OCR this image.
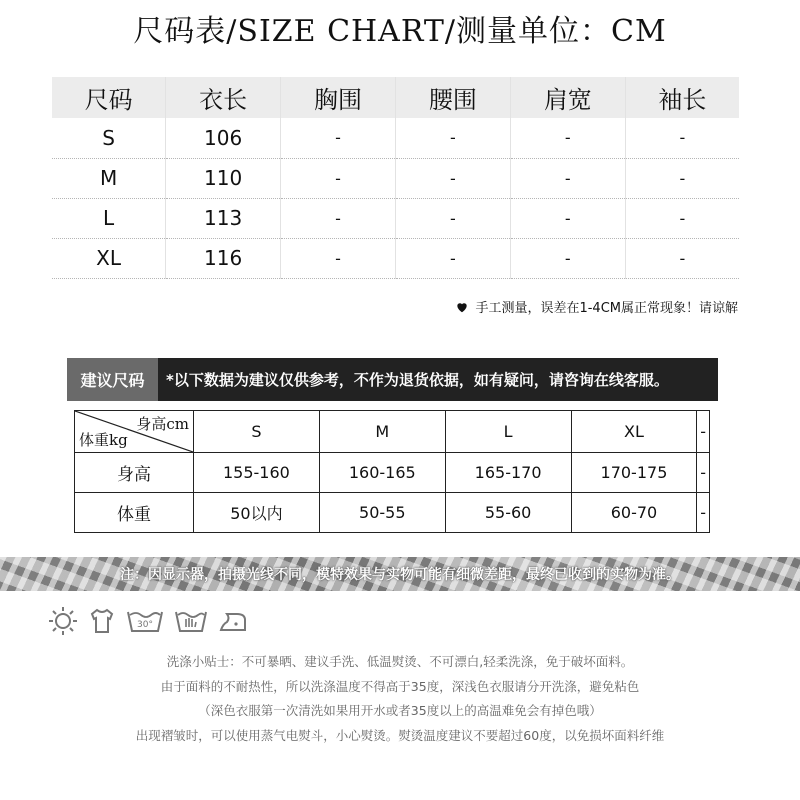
尺码表/SIZE CHART/测量单位：CM
尺码	衣长	胸围	腰围	肩宽	袖长
S	106	-	-	-	-
M	110	-	-	-	-
L	113	-	-	-	-
XL	116	-	-	-	-
手工测量，误差在1-4CM属正常现象！请谅解
建议尺码	*以下数据为建议仅供参考，不作为退货依据，如有疑问，请咨询在线客服。
身高cm
体重kg	S	M	L	XL	-
身高	155-160	160-165	165-170	170-175	-
体重	50以内	50-55	55-60	60-70	-
注：因显示器，拍摄光线不同，模特效果与实物可能有细微差距，最终已收到的实物为准。
30°
洗涤小贴士：不可暴晒、建议手洗、低温熨烫、不可漂白,轻柔洗涤，免于破坏面料。
由于面料的不耐热性，所以洗涤温度不得高于35度，深浅色衣服请分开洗涤，避免粘色
（深色衣服第一次清洗如果用开水或者35度以上的高温难免会有掉色哦）
出现褶皱时，可以使用蒸气电熨斗，小心熨烫。熨烫温度建议不要超过60度，以免损坏面料纤维
